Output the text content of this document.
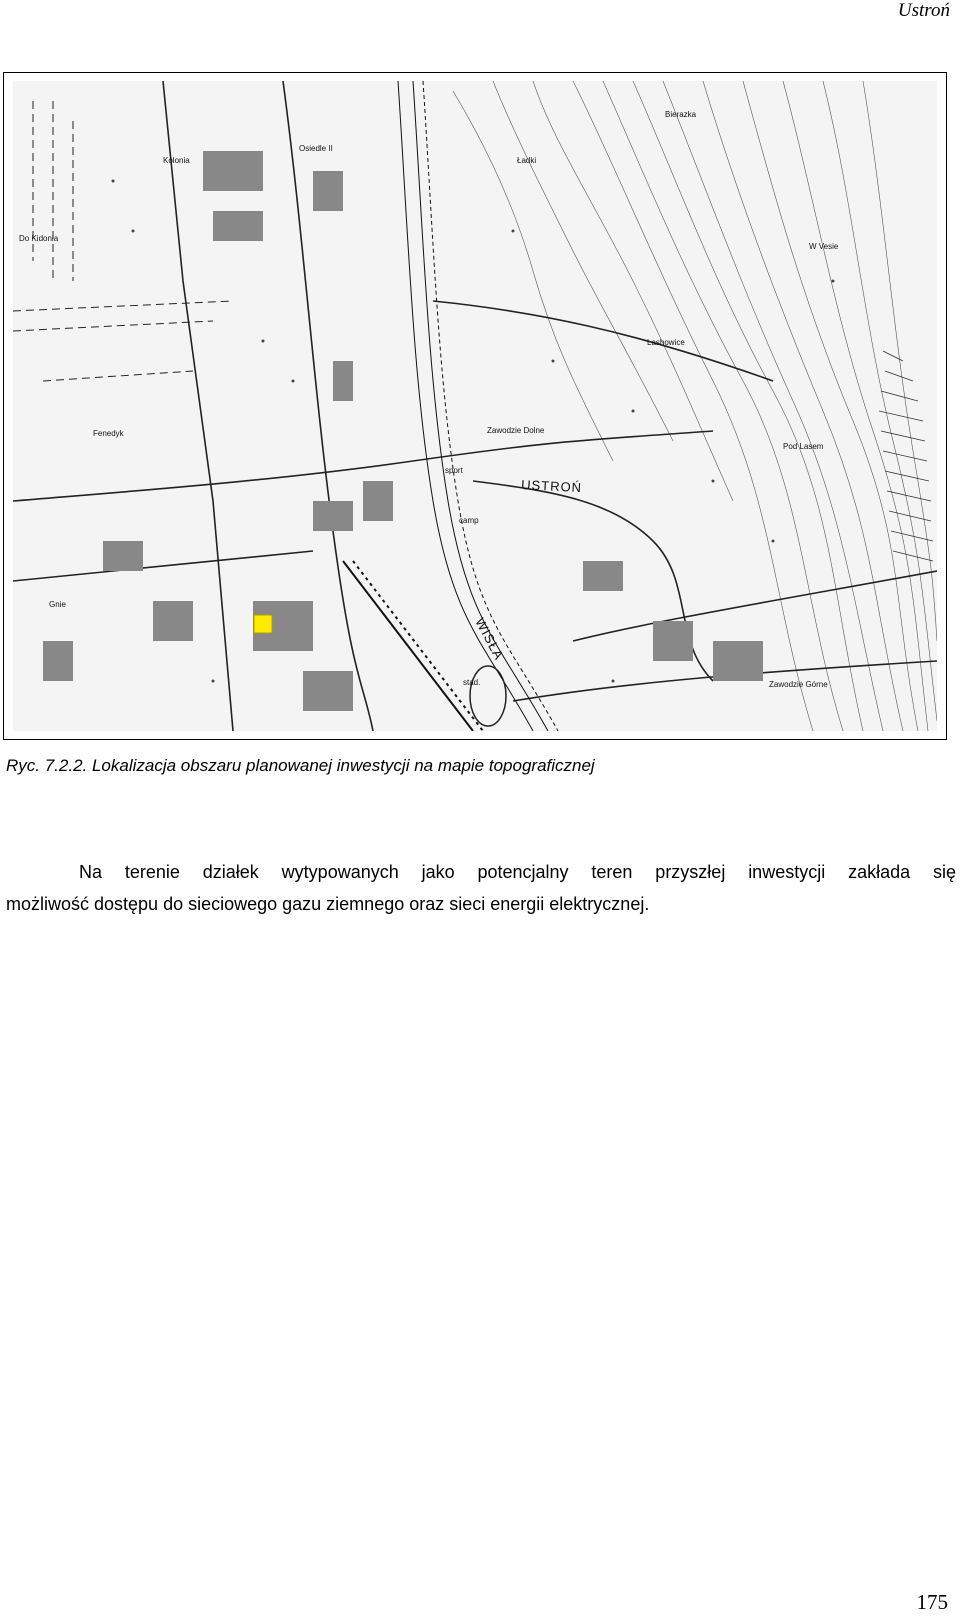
Ustroń
Kolonia
Osiedle II
Do Kidonia
Fenedyk
Gnie
Ładki
Bierazka
Lashowice
W Vesie
Zawodzie Dolne
Pod Lasem
sport
camp
stad.	Zawodzie Górne
USTROŃ
WISŁA
Ryc. 7.2.2. Lokalizacja obszaru planowanej inwestycji na mapie topograficznej

Na terenie działek wytypowanych jako potencjalny teren przyszłej inwestycji zakłada się

możliwość dostępu do sieciowego gazu ziemnego oraz sieci energii elektrycznej.

175
